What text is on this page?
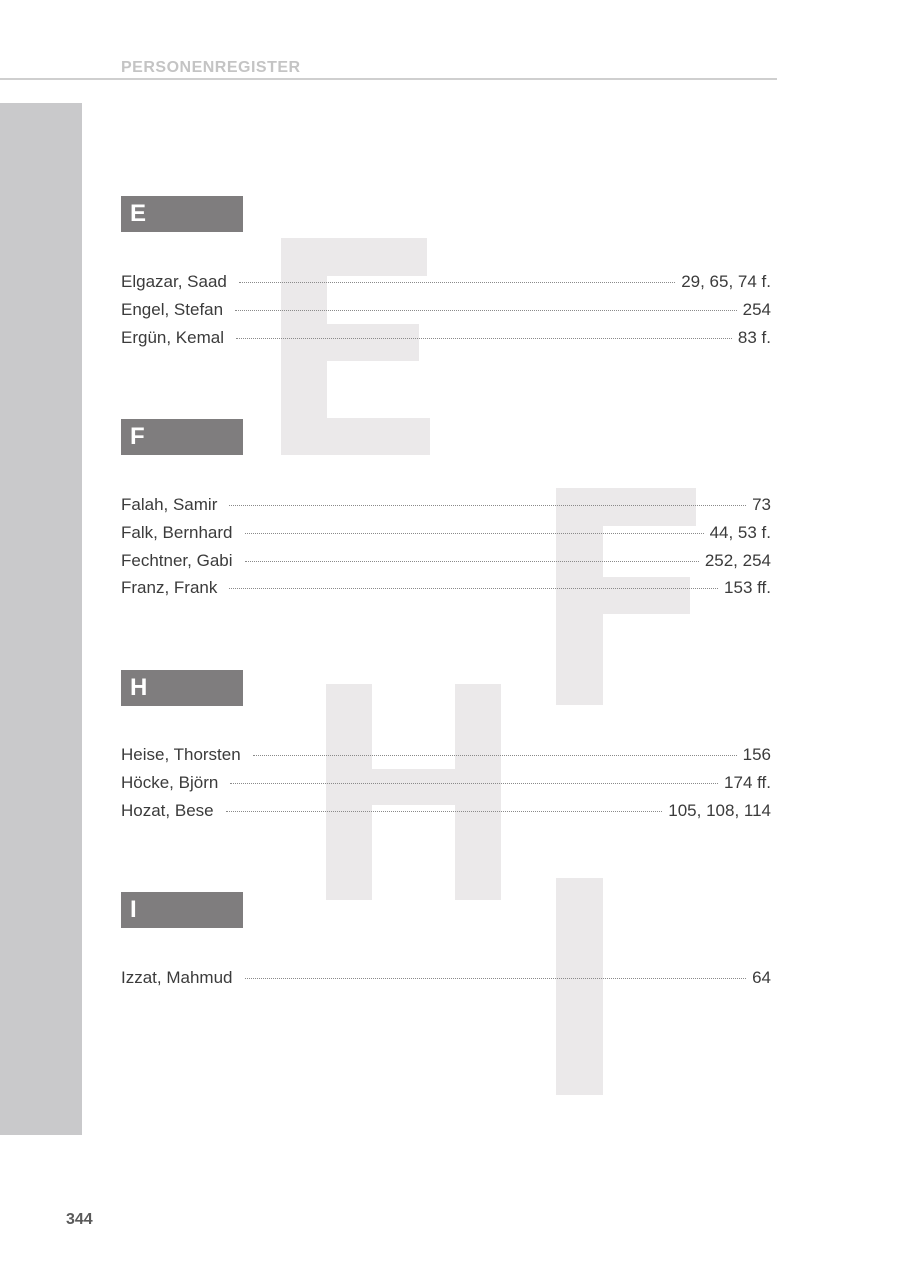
PERSONENREGISTER
E
Elgazar, Saad	29, 65, 74 f.
Engel, Stefan	254
Ergün, Kemal	83 f.
F
Falah, Samir	73
Falk, Bernhard	44, 53 f.
Fechtner, Gabi	252, 254
Franz, Frank	153 ff.
H
Heise, Thorsten	156
Höcke, Björn	174 ff.
Hozat, Bese	105, 108, 114
I
Izzat, Mahmud	64
344
